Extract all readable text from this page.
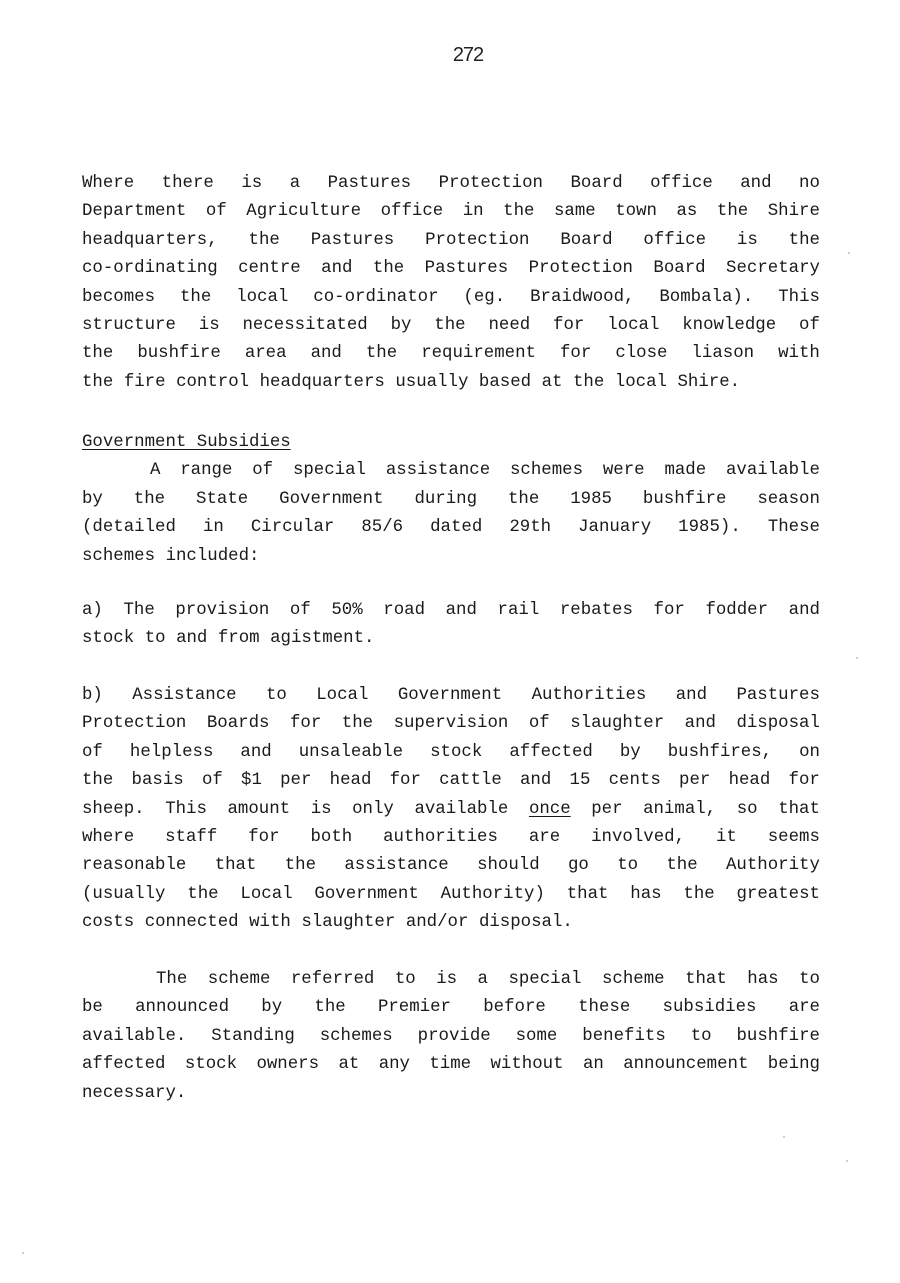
272
Where there is a Pastures Protection Board office and no
Department of Agriculture office in the same town as the Shire
headquarters, the Pastures Protection Board office is the
co-ordinating centre and the Pastures Protection Board Secretary
becomes the local co-ordinator (eg. Braidwood, Bombala). This
structure is necessitated by the need for local knowledge of
the bushfire area and the requirement for close liason with
the fire control headquarters usually based at the local Shire.
Government Subsidies
A range of special assistance schemes were made available
by the State Government during the 1985 bushfire season
(detailed in Circular 85/6 dated 29th January 1985). These
schemes included:
a) The provision of 50% road and rail rebates for fodder and
stock to and from agistment.
b) Assistance to Local Government Authorities and Pastures
Protection Boards for the supervision of slaughter and disposal
of helpless and unsaleable stock affected by bushfires, on
the basis of $1 per head for cattle and 15 cents per head for
sheep. This amount is only available once per animal, so that
where staff for both authorities are involved, it seems
reasonable that the assistance should go to the Authority
(usually the Local Government Authority) that has the greatest
costs connected with slaughter and/or disposal.
The scheme referred to is a special scheme that has to
be announced by the Premier before these subsidies are
available. Standing schemes provide some benefits to bushfire
affected stock owners at any time without an announcement being
necessary.
